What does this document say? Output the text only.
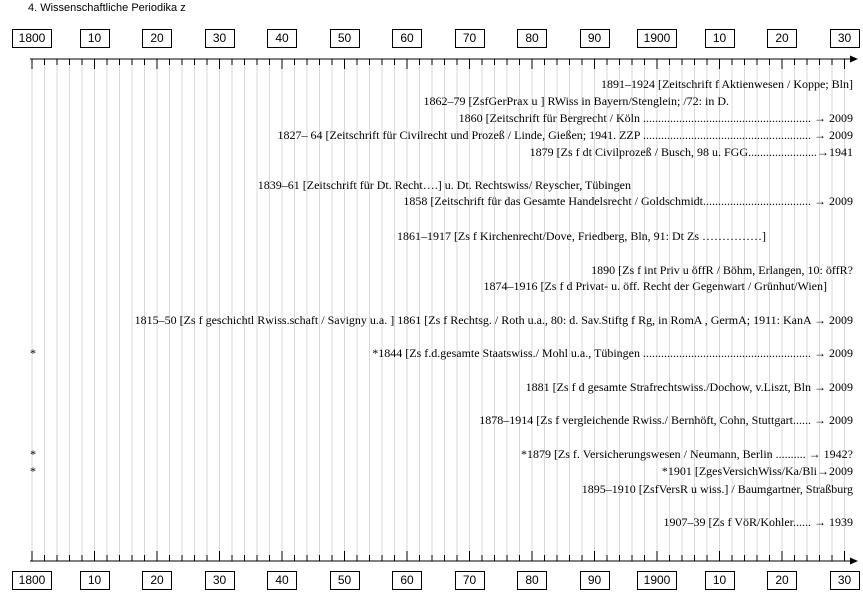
4. Wissenschaftliche Periodika z
1800	10	20	30	40	50	60	70	80	90	1900	10	20	30
1800	10	20	30	40	50	60	70	80	90	1900	10	20	30
1891–1924 [Zeitschrift f Aktienwesen / Koppe; Bln]
1862–79 [ZsfGerPrax u ] RWiss in Bayern/Stenglein; /72: in D.
1860 [Zeitschrift für Bergrecht / Köln ........................................................ → 2009
1827– 64 [Zeitschrift für Civilrecht und Prozeß / Linde, Gießen; 1941. ZZP ........................................................ → 2009
1879 [Zs f dt Civilprozeß / Busch, 98 u. FGG.......................→1941
1839–61 [Zeitschrift für Dt. Recht….] u. Dt. Rechtswiss/ Reyscher, Tübingen
1858 [Zeitschrift für das Gesamte Handelsrecht / Goldschmidt.................................... → 2009
1861–1917 [Zs f Kirchenrecht/Dove, Friedberg, Bln, 91: Dt Zs ……………]
1890 [Zs f int Priv u öffR / Böhm, Erlangen, 10: öffR?
1874–1916 [Zs f d Privat- u. öff. Recht der Gegenwart / Grünhut/Wien]
1815–50 [Zs f geschichtl Rwiss.schaft / Savigny u.a. ] 1861 [Zs f Rechtsg. / Roth u.a., 80: d. Sav.Stiftg f Rg, in RomA , GermA; 1911: KanA → 2009
*1844 [Zs f.d.gesamte Staatswiss./ Mohl u.a., Tübingen ........................................................ → 2009
1881 [Zs f d gesamte Strafrechtswiss./Dochow, v.Liszt, Bln → 2009
1878–1914 [Zs f vergleichende Rwiss./ Bernhöft, Cohn, Stuttgart...... → 2009
*1879 [Zs f. Versicherungswesen / Neumann, Berlin .......... → 1942?
*1901 [ZgesVersichWiss/Ka/Bli→2009
1895–1910 [ZsfVersR u wiss.] / Baumgartner, Straßburg
1907–39 [Zs f VöR/Kohler...... → 1939
*
*
*
